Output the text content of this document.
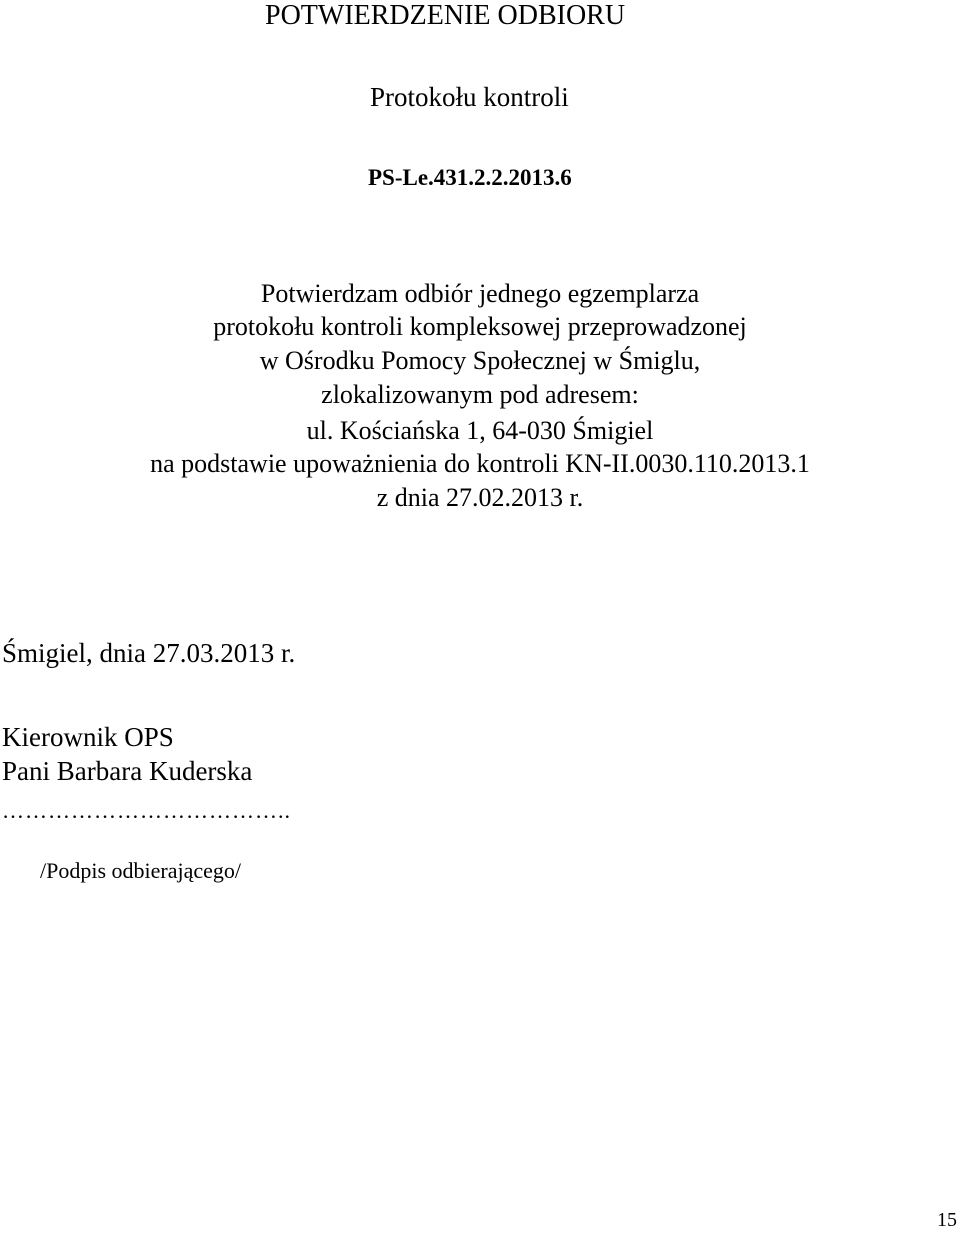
POTWIERDZENIE ODBIORU
Protokołu kontroli
PS-Le.431.2.2.2013.6
Potwierdzam odbiór jednego egzemplarza
protokołu kontroli kompleksowej przeprowadzonej
w Ośrodku Pomocy Społecznej w Śmiglu,
zlokalizowanym pod adresem:
ul. Kościańska 1, 64-030 Śmigiel
na podstawie upoważnienia do kontroli KN-II.0030.110.2013.1
z dnia 27.02.2013 r.
Śmigiel, dnia 27.03.2013 r.
Kierownik OPS
Pani Barbara Kuderska
………………………………..
/Podpis odbierającego/
15
